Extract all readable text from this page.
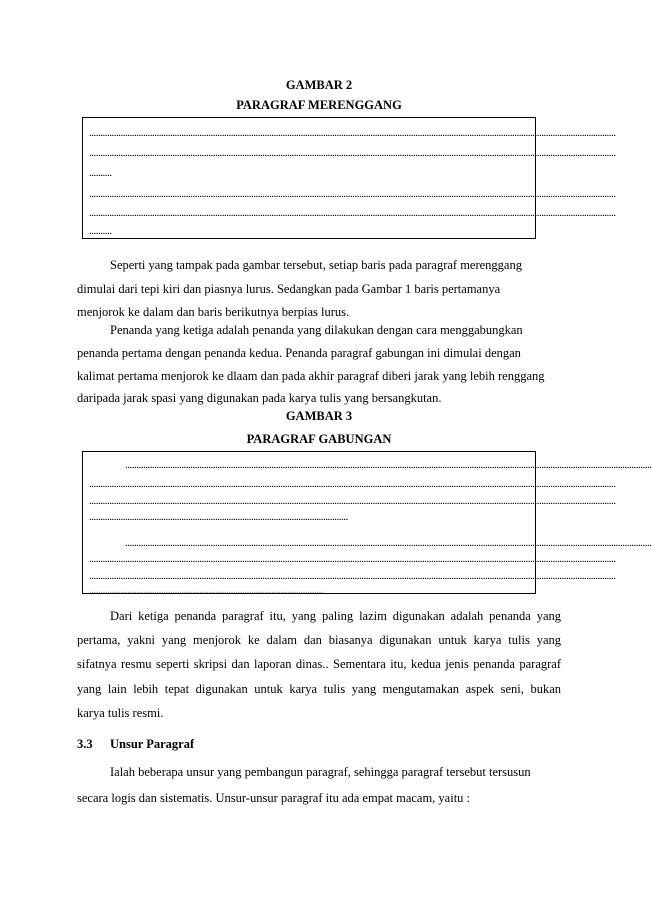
GAMBAR 2
PARAGRAF MERENGGANG
..........................................................................................................................................................................................................................................
..........................................................................................................................................................................................................................................
..........
..........................................................................................................................................................................................................................................
..........................................................................................................................................................................................................................................
..........
Seperti yang tampak pada gambar tersebut, setiap baris pada paragraf merenggang
dimulai dari tepi kiri dan piasnya lurus. Sedangkan pada Gambar 1 baris pertamanya
menjorok ke dalam dan baris berikutnya berpias lurus.
Penanda yang ketiga adalah penanda yang dilakukan dengan cara menggabungkan
penanda pertama dengan penanda kedua. Penanda paragraf gabungan ini dimulai dengan
kalimat pertama menjorok ke dlaam dan pada akhir paragraf diberi jarak yang lebih renggang
daripada jarak spasi yang digunakan pada karya tulis yang bersangkutan.
GAMBAR 3
PARAGRAF GABUNGAN
..........................................................................................................................................................................................................................................
..........................................................................................................................................................................................................................................
..........................................................................................................................................................................................................................................
...................................................................................................................
..........................................................................................................................................................................................................................................
..........................................................................................................................................................................................................................................
..........................................................................................................................................................................................................................................
........................................................................................................
Dari ketiga penanda paragraf itu, yang paling lazim digunakan adalah penanda yang
pertama, yakni yang menjorok ke dalam dan biasanya digunakan untuk karya tulis yang
sifatnya resmu seperti skripsi dan laporan dinas.. Sementara itu, kedua jenis penanda paragraf
yang lain lebih tepat digunakan untuk karya tulis yang mengutamakan aspek seni, bukan
karya tulis resmi.
3.3 Unsur Paragraf
Ialah beberapa unsur yang pembangun paragraf, sehingga paragraf tersebut tersusun
secara logis dan sistematis. Unsur-unsur paragraf itu ada empat macam, yaitu :
